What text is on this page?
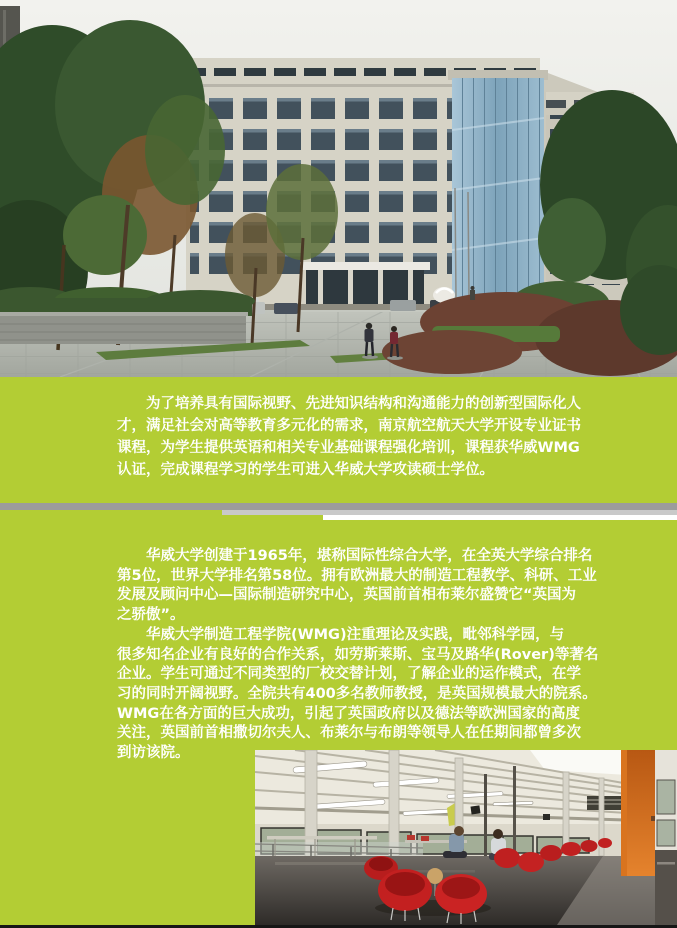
　　为了培养具有国际视野、先进知识结构和沟通能力的创新型国际化人
才，满足社会对高等教育多元化的需求，南京航空航天大学开设专业证书
课程，为学生提供英语和相关专业基础课程强化培训，课程获华威WMG
认证，完成课程学习的学生可进入华威大学攻读硕士学位。
　　华威大学创建于1965年，堪称国际性综合大学，在全英大学综合排名
第5位，世界大学排名第58位。拥有欧洲最大的制造工程教学、科研、工业
发展及顾问中心—国际制造研究中心，英国前首相布莱尔盛赞它“英国为
之骄傲”。
　　华威大学制造工程学院(WMG)注重理论及实践，毗邻科学园，与
很多知名企业有良好的合作关系，如劳斯莱斯、宝马及路华(Rover)等著名
企业。学生可通过不同类型的厂校交替计划，了解企业的运作模式，在学
习的同时开阔视野。全院共有400多名教师教授，是英国规模最大的院系。
WMG在各方面的巨大成功，引起了英国政府以及德法等欧洲国家的高度
关注，英国前首相撒切尔夫人、布莱尔与布朗等领导人在任期间都曾多次
到访该院。
